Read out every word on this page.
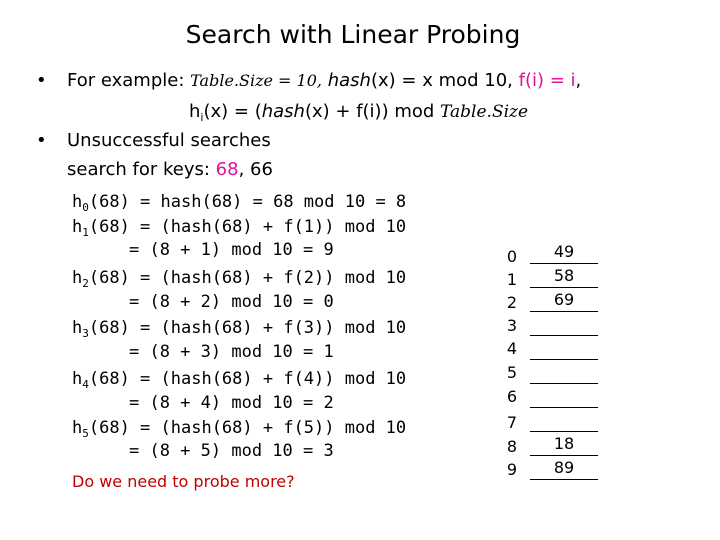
Search with Linear Probing
• For example: Table.Size = 10, hash(x) = x mod 10, f(i) = i,
$h_i(x)$ = (hash(x) + f(i)) mod Table.Size
• Unsuccessful searches
search for keys: 68, 66
$h_0(68)$ = hash(68) = 68 mod 10 = 8
$h_1(68)$ = (hash(68) + f(1)) mod 10
= (8 + 1) mod 10 = 9
$h_2(68)$ = (hash(68) + f(2)) mod 10
= (8 + 2) mod 10 = 0
$h_3(68)$ = (hash(68) + f(3)) mod 10
= (8 + 3) mod 10 = 1
$h_4(68)$ = (hash(68) + f(4)) mod 10
= (8 + 4) mod 10 = 2
$h_5(68)$ = (hash(68) + f(5)) mod 10
= (8 + 5) mod 10 = 3
Do we need to probe more?
0
1
2
3
4
5
6
7
8
9
49
58
69
18
89
